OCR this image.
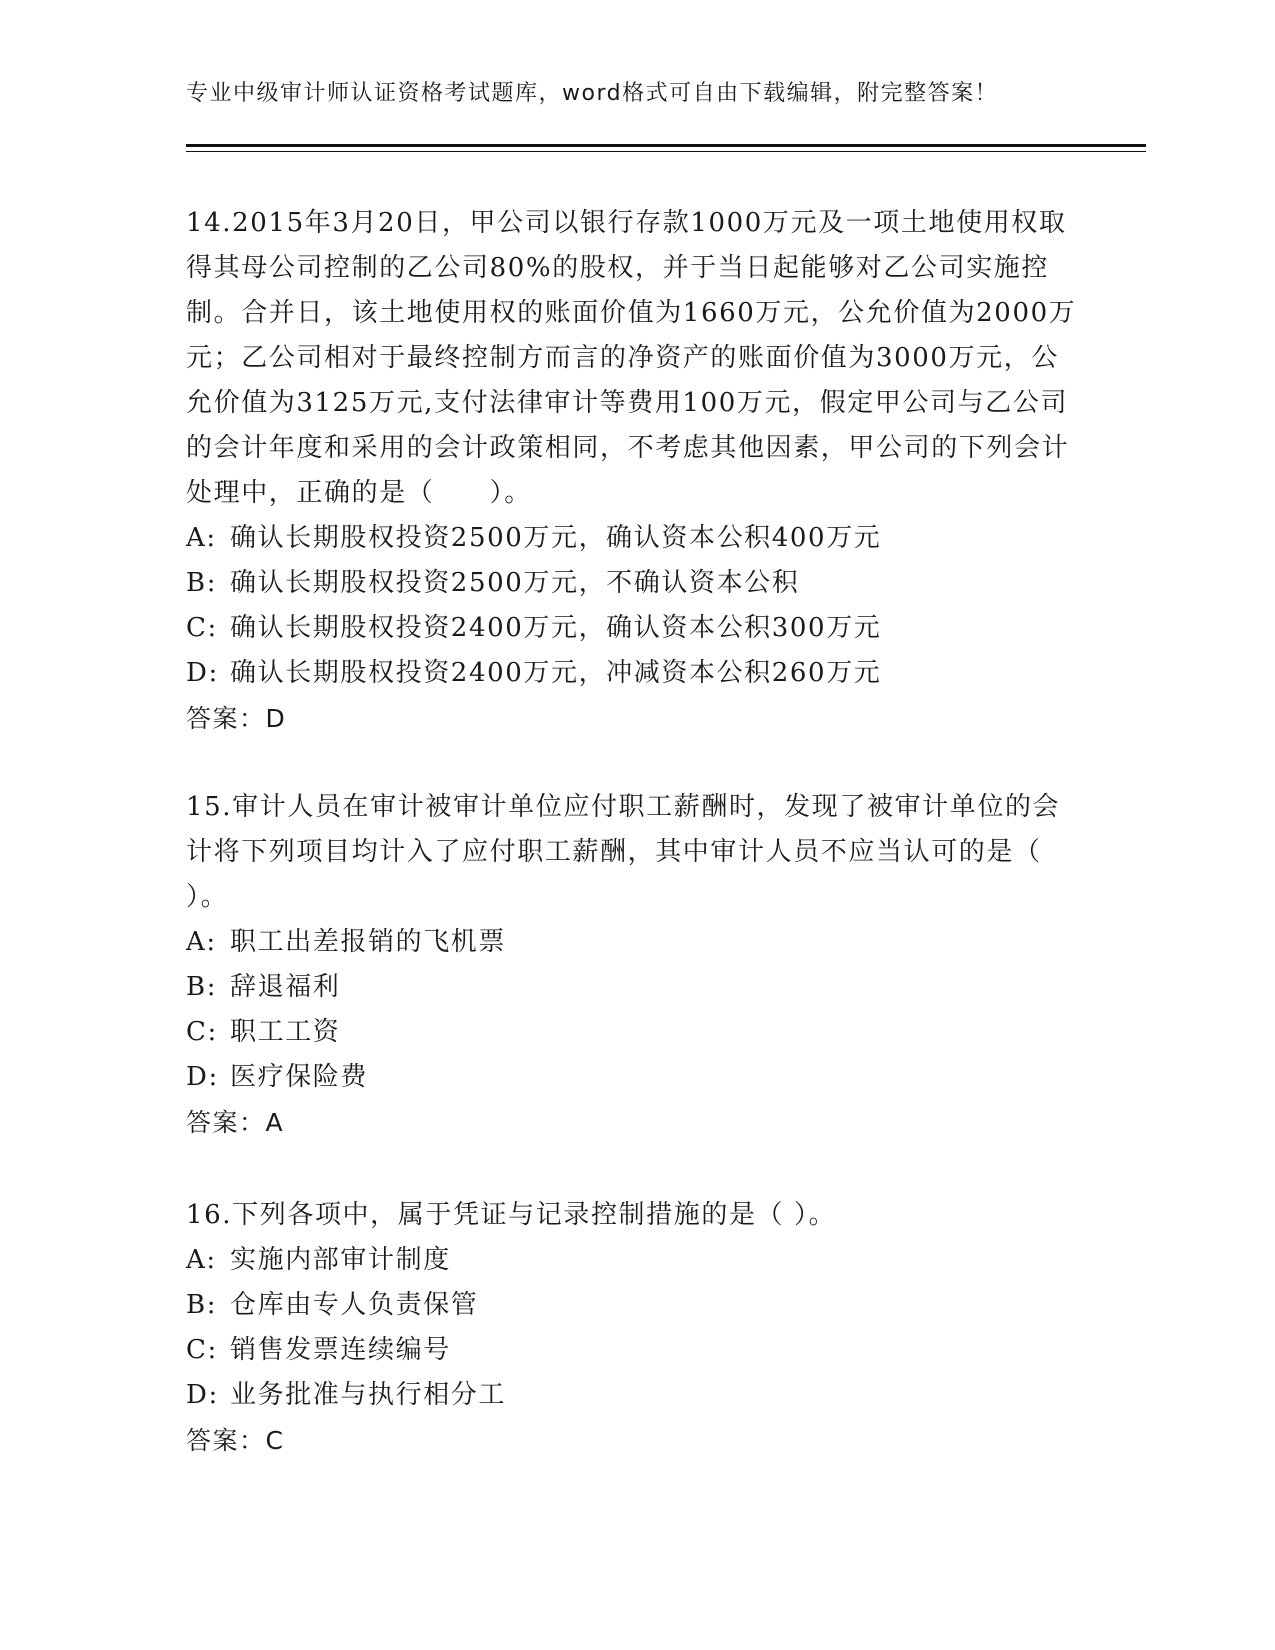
专业中级审计师认证资格考试题库，word格式可自由下载编辑，附完整答案！

14.2015年3月20日，甲公司以银行存款1000万元及一项土地使用权取得其母公司控制的乙公司80%的股权，并于当日起能够对乙公司实施控制。合并日，该土地使用权的账面价值为1660万元，公允价值为2000万元；乙公司相对于最终控制方而言的净资产的账面价值为3000万元，公允价值为3125万元,支付法律审计等费用100万元，假定甲公司与乙公司的会计年度和采用的会计政策相同，不考虑其他因素，甲公司的下列会计处理中，正确的是（　　）。

A: 确认长期股权投资2500万元，确认资本公积400万元
B: 确认长期股权投资2500万元，不确认资本公积
C: 确认长期股权投资2400万元，确认资本公积300万元
D: 确认长期股权投资2400万元，冲减资本公积260万元
答案：D

15.审计人员在审计被审计单位应付职工薪酬时，发现了被审计单位的会计将下列项目均计入了应付职工薪酬，其中审计人员不应当认可的是（ ）。

A: 职工出差报销的飞机票
B: 辞退福利
C: 职工工资
D: 医疗保险费
答案：A

16.下列各项中，属于凭证与记录控制措施的是（ ）。

A: 实施内部审计制度
B: 仓库由专人负责保管
C: 销售发票连续编号
D: 业务批准与执行相分工
答案：C
